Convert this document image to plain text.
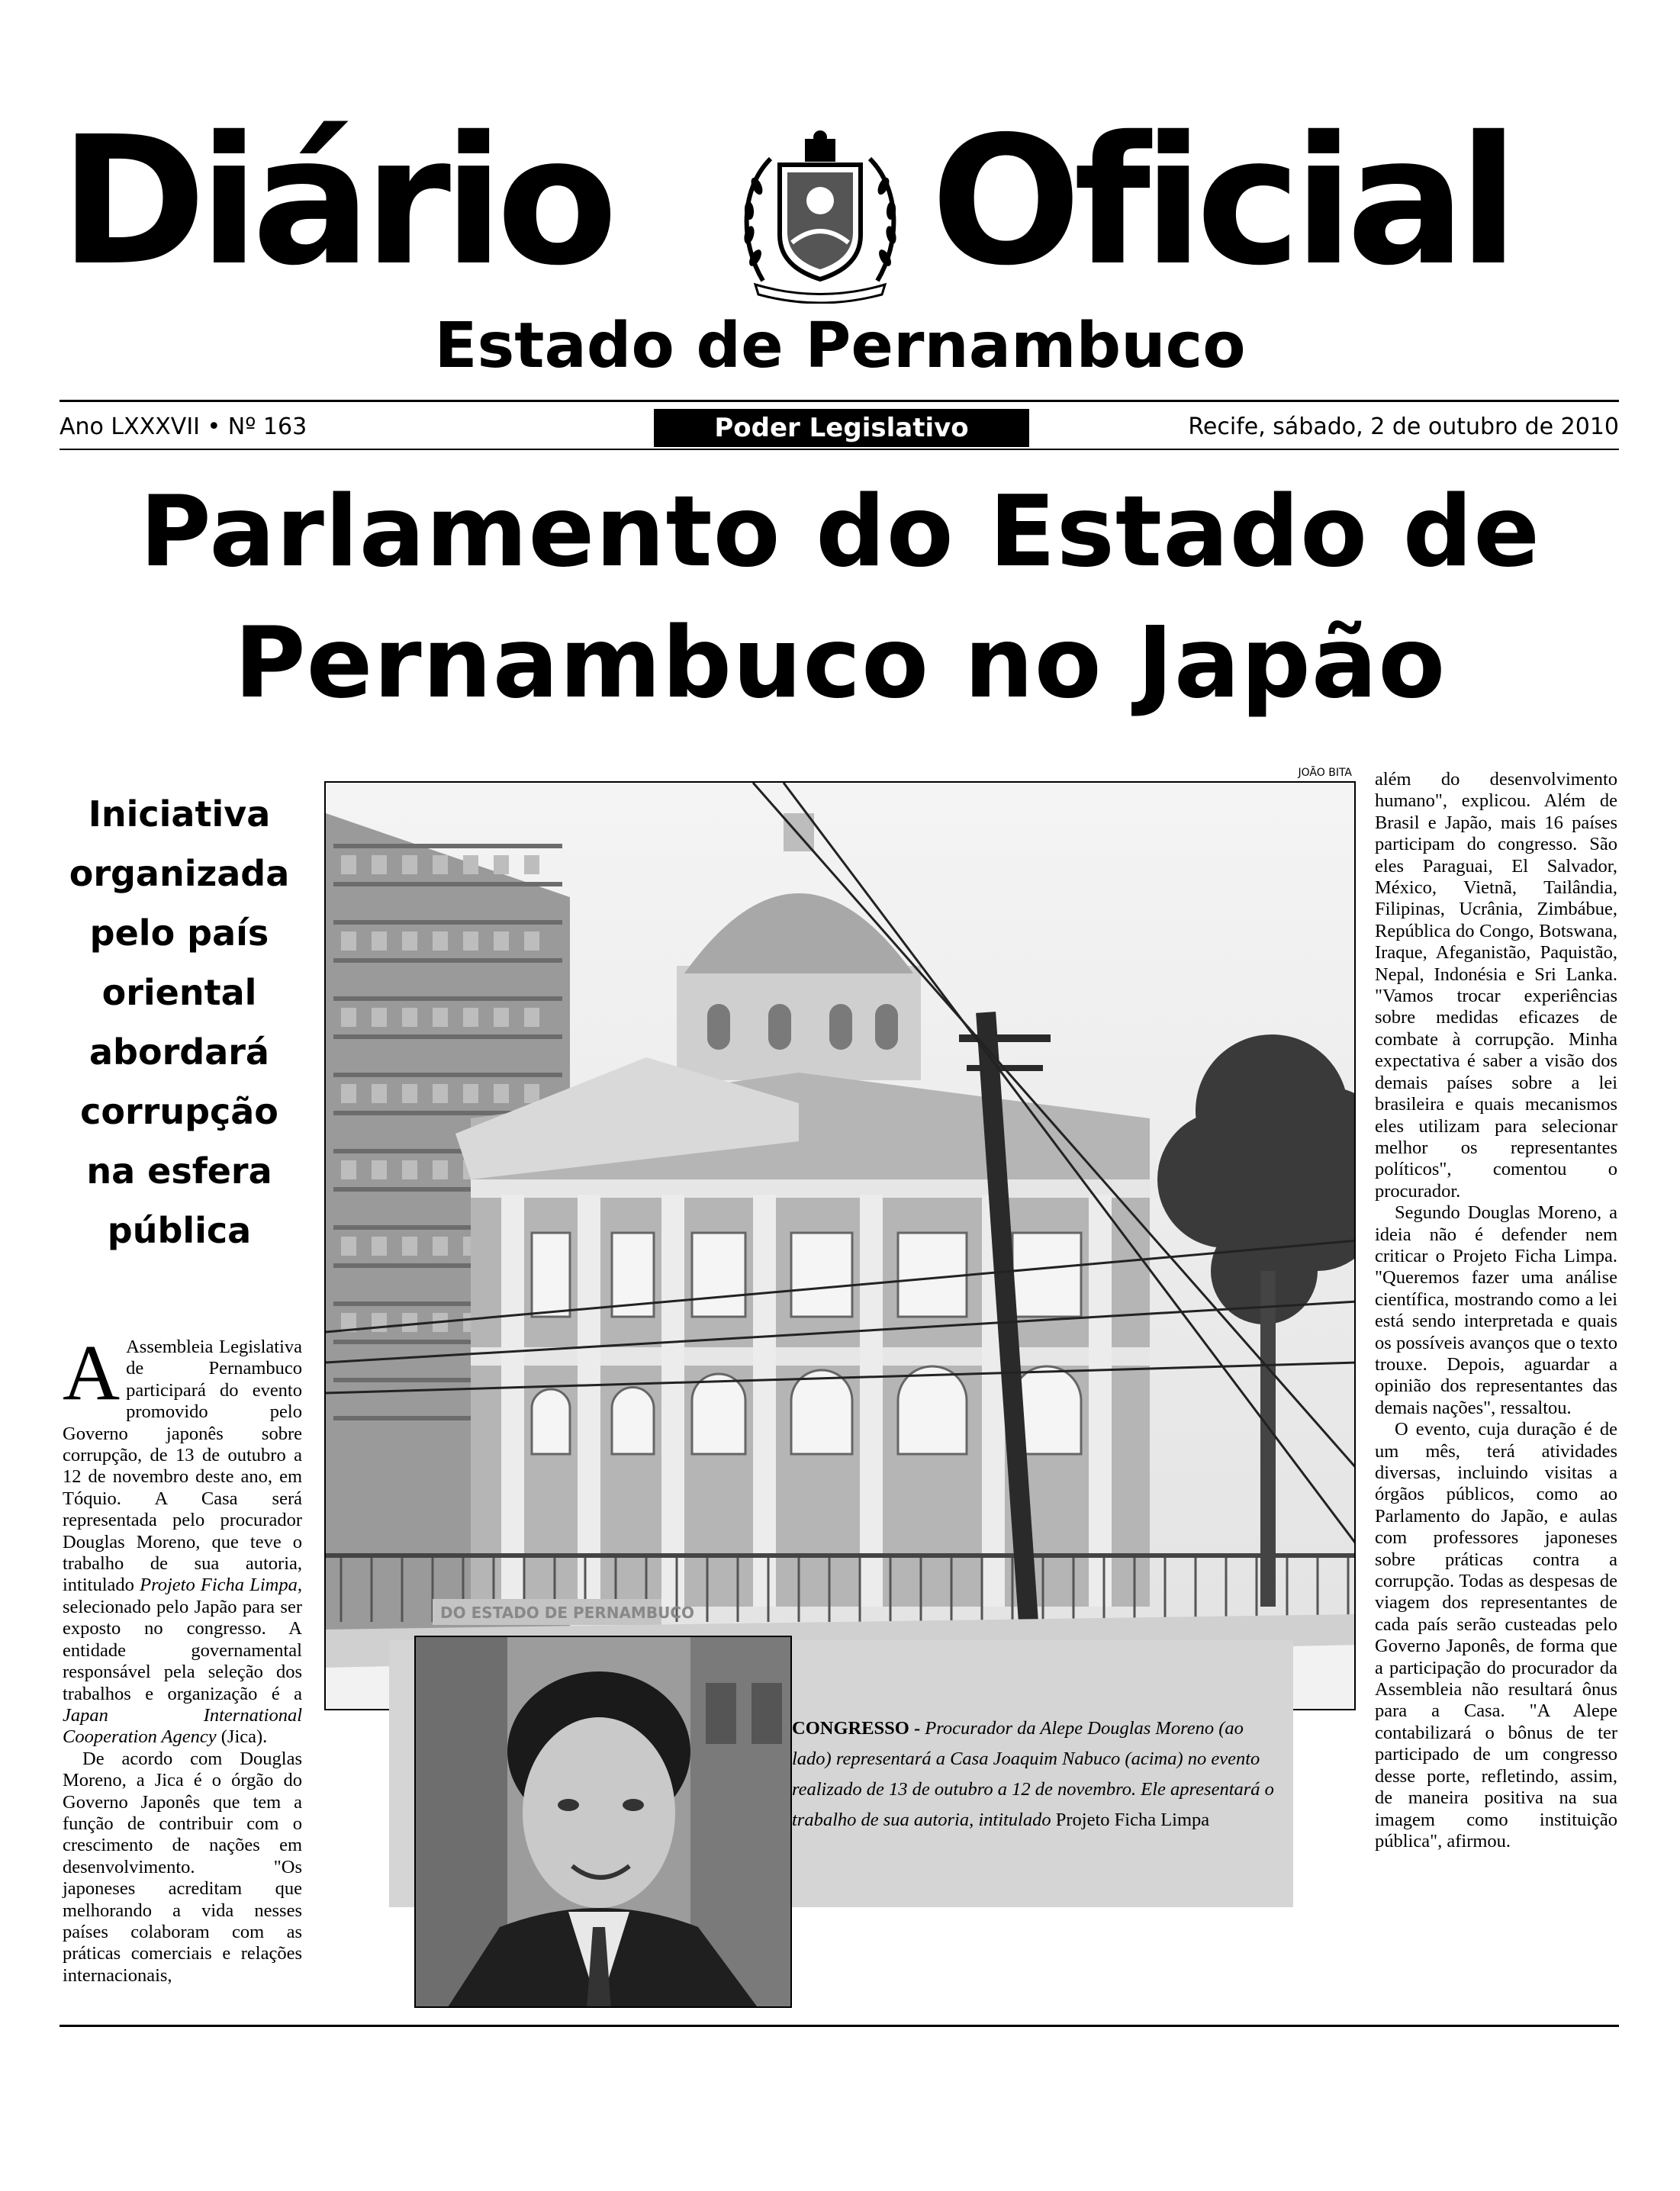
Diário Oficial
Estado de Pernambuco
Ano LXXXVII • Nº 163	Poder Legislativo	Recife, sábado, 2 de outubro de 2010
Parlamento do Estado de
Pernambuco no Japão
Iniciativa
organizada
pelo país
oriental
abordará
corrupção
na esfera
pública

A Assembleia Legislativa de Pernambuco participará do evento promovido pelo Governo japonês sobre corrupção, de 13 de outubro a 12 de novembro deste ano, em Tóquio. A Casa será representada pelo procurador Douglas Moreno, que teve o trabalho de sua autoria, intitulado Projeto Ficha Limpa, selecionado pelo Japão para ser exposto no congresso. A entidade governamental responsável pela seleção dos trabalhos e organização é a Japan International Cooperation Agency (Jica).

De acordo com Douglas Moreno, a Jica é o órgão do Governo Japonês que tem a função de contribuir com o crescimento de nações em desenvolvimento. "Os japoneses acreditam que melhorando a vida nesses países colaboram com as práticas comerciais e relações internacionais,

JOÃO BITA
DO ESTADO DE PERNAMBUCO
CONGRESSO - Procurador da Alepe Douglas Moreno (ao lado) representará a Casa Joaquim Nabuco (acima) no evento realizado de 13 de outubro a 12 de novembro. Ele apresentará o trabalho de sua autoria, intitulado Projeto Ficha Limpa

além do desenvolvimento humano", explicou. Além de Brasil e Japão, mais 16 países participam do congresso. São eles Paraguai, El Salvador, México, Vietnã, Tailândia, Filipinas, Ucrânia, Zimbábue, República do Congo, Botswana, Iraque, Afeganistão, Paquistão, Nepal, Indonésia e Sri Lanka. "Vamos trocar experiências sobre medidas eficazes de combate à corrupção. Minha expectativa é saber a visão dos demais países sobre a lei brasileira e quais mecanismos eles utilizam para selecionar melhor os representantes políticos", comentou o procurador.

Segundo Douglas Moreno, a ideia não é defender nem criticar o Projeto Ficha Limpa. "Queremos fazer uma análise científica, mostrando como a lei está sendo interpretada e quais os possíveis avanços que o texto trouxe. Depois, aguardar a opinião dos representantes das demais nações", ressaltou.

O evento, cuja duração é de um mês, terá atividades diversas, incluindo visitas a órgãos públicos, como ao Parlamento do Japão, e aulas com professores japoneses sobre práticas contra a corrupção. Todas as despesas de viagem dos representantes de cada país serão custeadas pelo Governo Japonês, de forma que a participação do procurador da Assembleia não resultará ônus para a Casa. "A Alepe contabilizará o bônus de ter participado de um congresso desse porte, refletindo, assim, de maneira positiva na sua imagem como instituição pública", afirmou.
